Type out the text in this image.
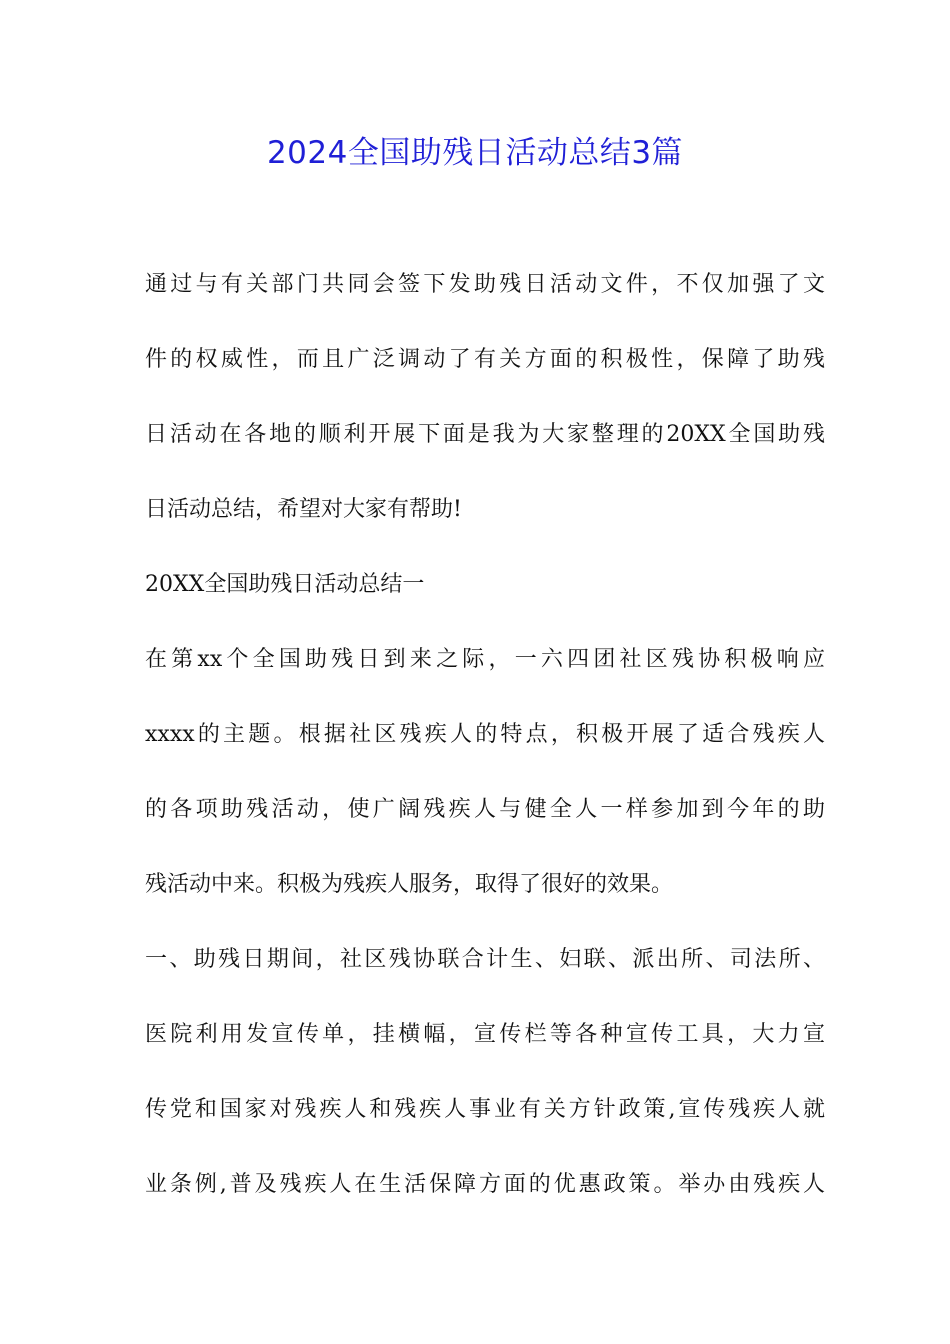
2024全国助残日活动总结3篇
通过与有关部门共同会签下发助残日活动文件，不仅加强了文
件的权威性，而且广泛调动了有关方面的积极性，保障了助残
日活动在各地的顺利开展下面是我为大家整理的20XX全国助残
日活动总结，希望对大家有帮助!
20XX全国助残日活动总结一
在第xx个全国助残日到来之际，一六四团社区残协积极响应
xxxx的主题。根据社区残疾人的特点，积极开展了适合残疾人
的各项助残活动，使广阔残疾人与健全人一样参加到今年的助
残活动中来。积极为残疾人服务，取得了很好的效果。
一、助残日期间，社区残协联合计生、妇联、派出所、司法所、
医院利用发宣传单，挂横幅，宣传栏等各种宣传工具，大力宣
传党和国家对残疾人和残疾人事业有关方针政策,宣传残疾人就
业条例,普及残疾人在生活保障方面的优惠政策。举办由残疾人
